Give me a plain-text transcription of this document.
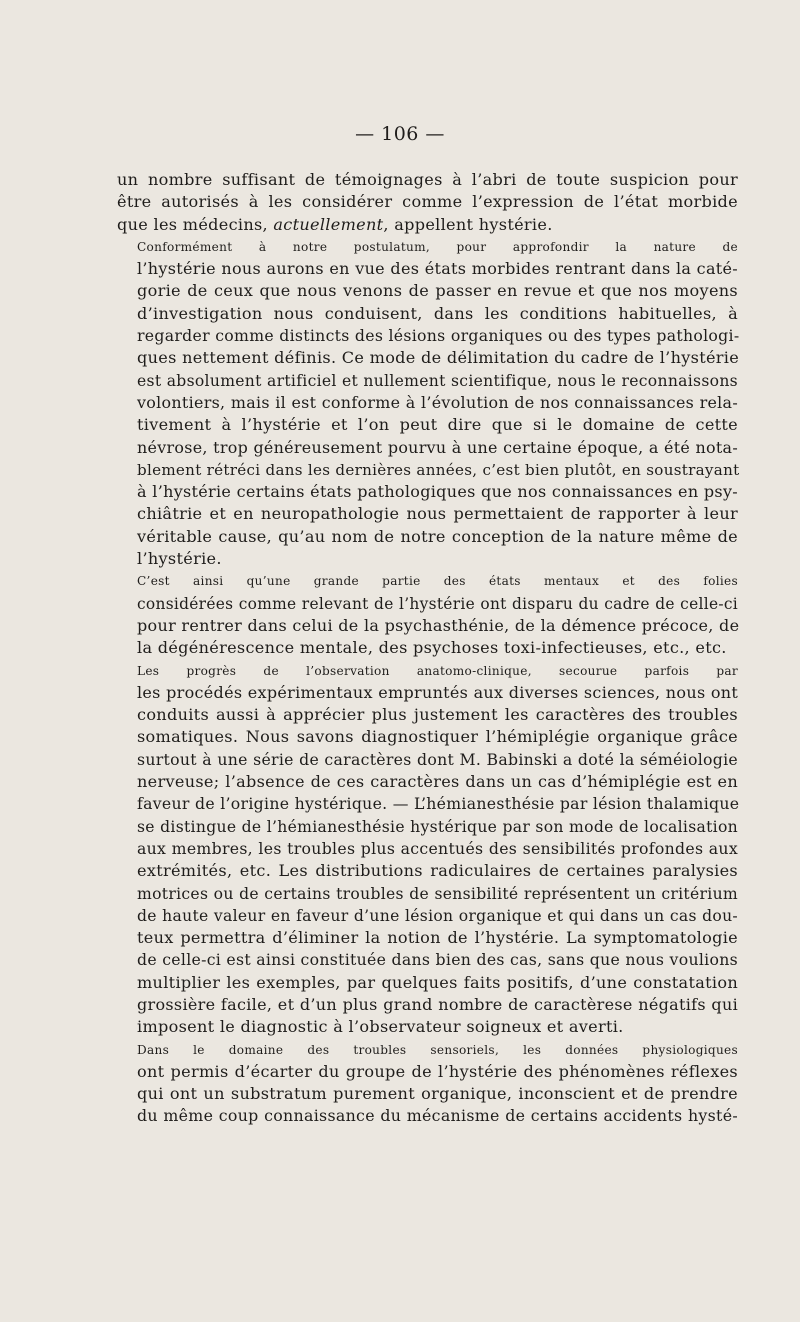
— 106 —

un nombre suffisant de témoignages à l’abri de toute suspicion pour
être autorisés à les considérer comme l’expression de l’état morbide
que les médecins, actuellement, appellent hystérie.

Conformément à notre postulatum, pour approfondir la nature de
l’hystérie nous aurons en vue des états morbides rentrant dans la caté-
gorie de ceux que nous venons de passer en revue et que nos moyens
d’investigation nous conduisent, dans les conditions habituelles, à
regarder comme distincts des lésions organiques ou des types pathologi-
ques nettement définis. Ce mode de délimitation du cadre de l’hystérie
est absolument artificiel et nullement scientifique, nous le reconnaissons
volontiers, mais il est conforme à l’évolution de nos connaissances rela-
tivement à l’hystérie et l’on peut dire que si le domaine de cette
névrose, trop généreusement pourvu à une certaine époque, a été nota-
blement rétréci dans les dernières années, c’est bien plutôt, en soustrayant
à l’hystérie certains états pathologiques que nos connaissances en psy-
chiâtrie et en neuropathologie nous permettaient de rapporter à leur
véritable cause, qu’au nom de notre conception de la nature même de
l’hystérie.

C’est ainsi qu’une grande partie des états mentaux et des folies
considérées comme relevant de l’hystérie ont disparu du cadre de celle-ci
pour rentrer dans celui de la psychasthénie, de la démence précoce, de
la dégénérescence mentale, des psychoses toxi-infectieuses, etc., etc.

Les progrès de l’observation anatomo-clinique, secourue parfois par
les procédés expérimentaux empruntés aux diverses sciences, nous ont
conduits aussi à apprécier plus justement les caractères des troubles
somatiques. Nous savons diagnostiquer l’hémiplégie organique grâce
surtout à une série de caractères dont M. Babinski a doté la séméiologie
nerveuse; l’absence de ces caractères dans un cas d’hémiplégie est en
faveur de l’origine hystérique. — L’hémianesthésie par lésion thalamique
se distingue de l’hémianesthésie hystérique par son mode de localisation
aux membres, les troubles plus accentués des sensibilités profondes aux
extrémités, etc. Les distributions radiculaires de certaines paralysies
motrices ou de certains troubles de sensibilité représentent un critérium
de haute valeur en faveur d’une lésion organique et qui dans un cas dou-
teux permettra d’éliminer la notion de l’hystérie. La symptomatologie
de celle-ci est ainsi constituée dans bien des cas, sans que nous voulions
multiplier les exemples, par quelques faits positifs, d’une constatation
grossière facile, et d’un plus grand nombre de caractèrese négatifs qui
imposent le diagnostic à l’observateur soigneux et averti.

Dans le domaine des troubles sensoriels, les données physiologiques
ont permis d’écarter du groupe de l’hystérie des phénomènes réflexes
qui ont un substratum purement organique, inconscient et de prendre
du même coup connaissance du mécanisme de certains accidents hysté-
